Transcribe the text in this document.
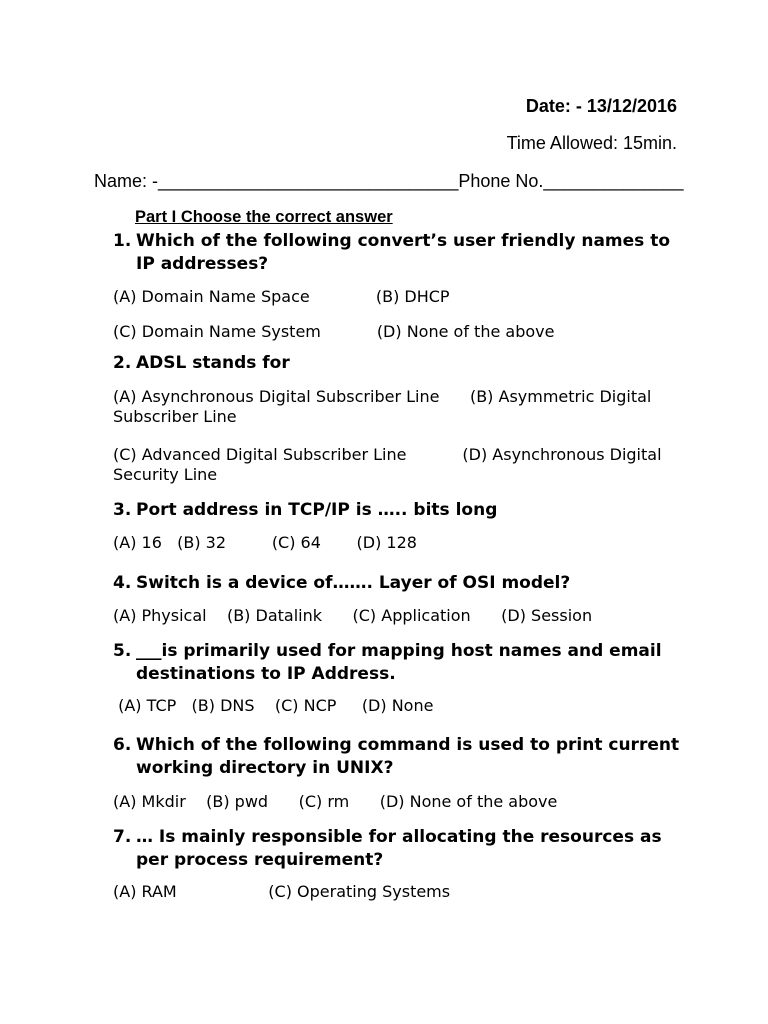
Date: - 13/12/2016
Time Allowed: 15min.
Name: -______________________________ Phone No.______________
Part I Choose the correct answer
1. Which of the following convert’s user friendly names to IP addresses?
(A) Domain Name Space             (B) DHCP
(C) Domain Name System           (D) None of the above
2. ADSL stands for
(A) Asynchronous Digital Subscriber Line      (B) Asymmetric Digital Subscriber Line
(C) Advanced Digital Subscriber Line           (D) Asynchronous Digital Security Line
3. Port address in TCP/IP is ….. bits long
(A) 16   (B) 32         (C) 64       (D) 128
4. Switch is a device of……. Layer of OSI model?
(A) Physical    (B) Datalink      (C) Application      (D) Session
5. ___is primarily used for mapping host names and email destinations to IP Address.
(A) TCP   (B) DNS    (C) NCP     (D) None
6. Which of the following command is used to print current working directory in UNIX?
(A) Mkdir    (B) pwd      (C) rm      (D) None of the above
7. … Is mainly responsible for allocating the resources as per process requirement?
(A) RAM                  (C) Operating Systems
